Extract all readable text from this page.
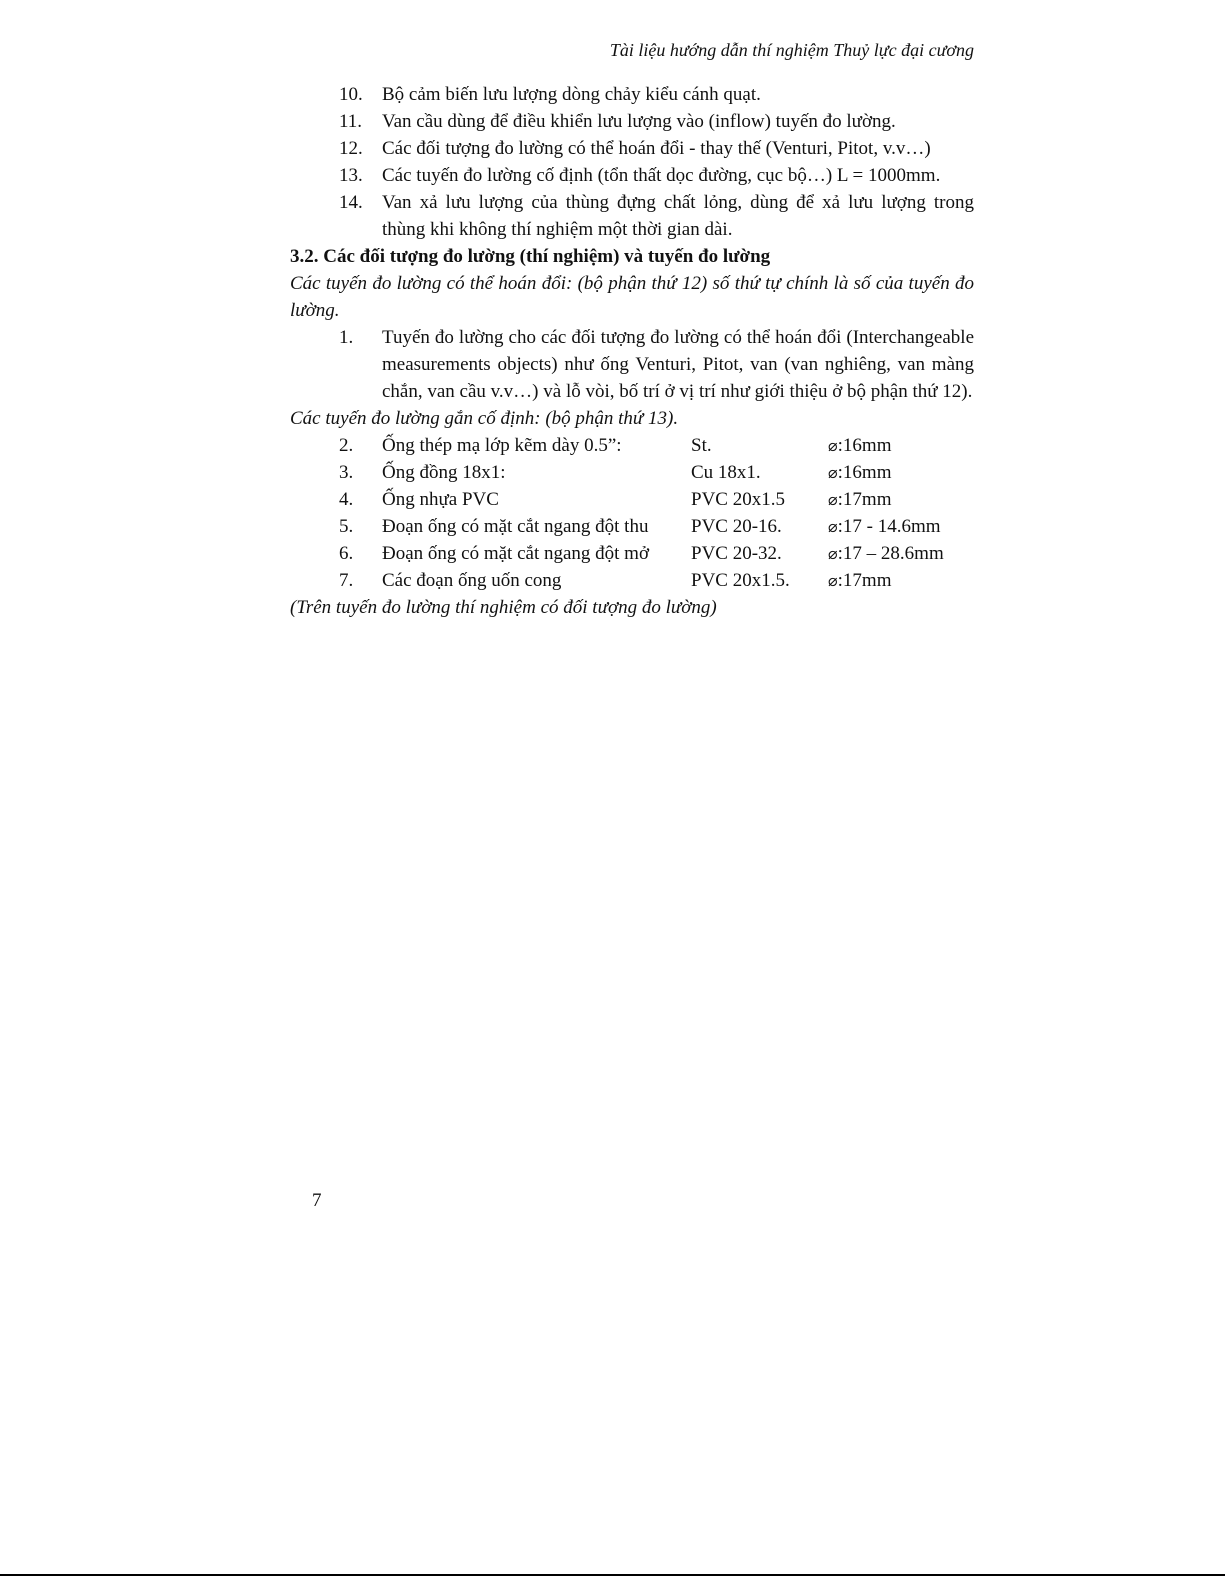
Tài liệu hướng dẫn thí nghiệm Thuỷ lực đại cương
10.	Bộ cảm biến lưu lượng dòng chảy kiểu cánh quạt.
11.	Van cầu dùng để điều khiển lưu lượng vào (inflow) tuyến đo lường.
12.	Các đối tượng đo lường có thể hoán đổi - thay thế (Venturi, Pitot, v.v…)
13.	Các tuyến đo lường cố định (tổn thất dọc đường, cục bộ…) L = 1000mm.
14.	Van xả lưu lượng của thùng đựng chất lỏng, dùng để xả lưu lượng trong thùng khi không thí nghiệm một thời gian dài.
3.2. Các đối tượng đo lường (thí nghiệm) và tuyến đo lường

Các tuyến đo lường có thể hoán đổi: (bộ phận thứ 12) số thứ tự chính là số của tuyến đo lường.

1.	Tuyến đo lường cho các đối tượng đo lường có thể hoán đổi (Interchangeable measurements objects) như ống Venturi, Pitot, van (van nghiêng, van màng chắn, van cầu v.v…) và lỗ vòi, bố trí ở vị trí như giới thiệu ở bộ phận thứ 12).

Các tuyến đo lường gắn cố định: (bộ phận thứ 13).

2.	Ống thép mạ lớp kẽm dày 0.5”:	St.	⌀:16mm
3.	Ống đồng 18x1:	Cu 18x1.	⌀:16mm
4.	Ống nhựa PVC	PVC 20x1.5	⌀:17mm
5.	Đoạn ống có mặt cắt ngang đột thu	PVC 20-16.	⌀:17 - 14.6mm
6.	Đoạn ống có mặt cắt ngang đột mở	PVC 20-32.	⌀:17 – 28.6mm
7.	Các đoạn ống uốn cong	PVC 20x1.5.	⌀:17mm

(Trên tuyến đo lường thí nghiệm có đối tượng đo lường)

7
